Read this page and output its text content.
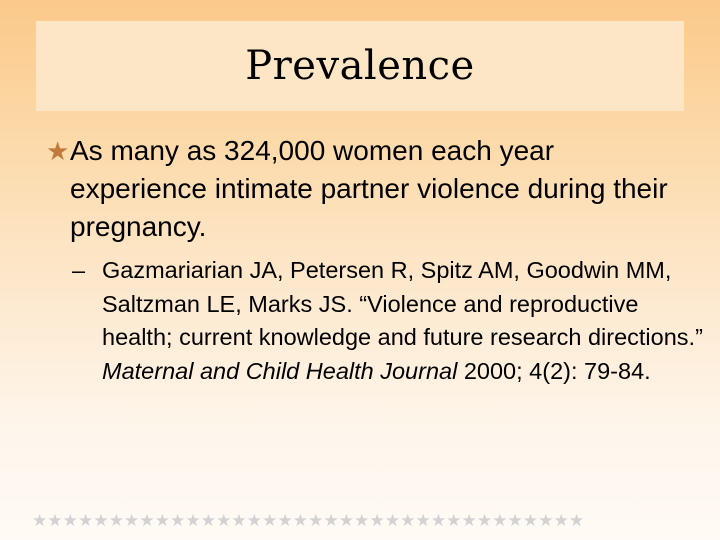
Prevalence
★ As many as 324,000 women each year experience intimate partner violence during their pregnancy.
– Gazmariarian JA, Petersen R, Spitz AM, Goodwin MM, Saltzman LE, Marks JS. “Violence and reproductive health; current knowledge and future research directions.” Maternal and Child Health Journal 2000; 4(2): 79-84.
★★★★★★★★★★★★★★★★★★★★★★★★★★★★★★★★★★★★
